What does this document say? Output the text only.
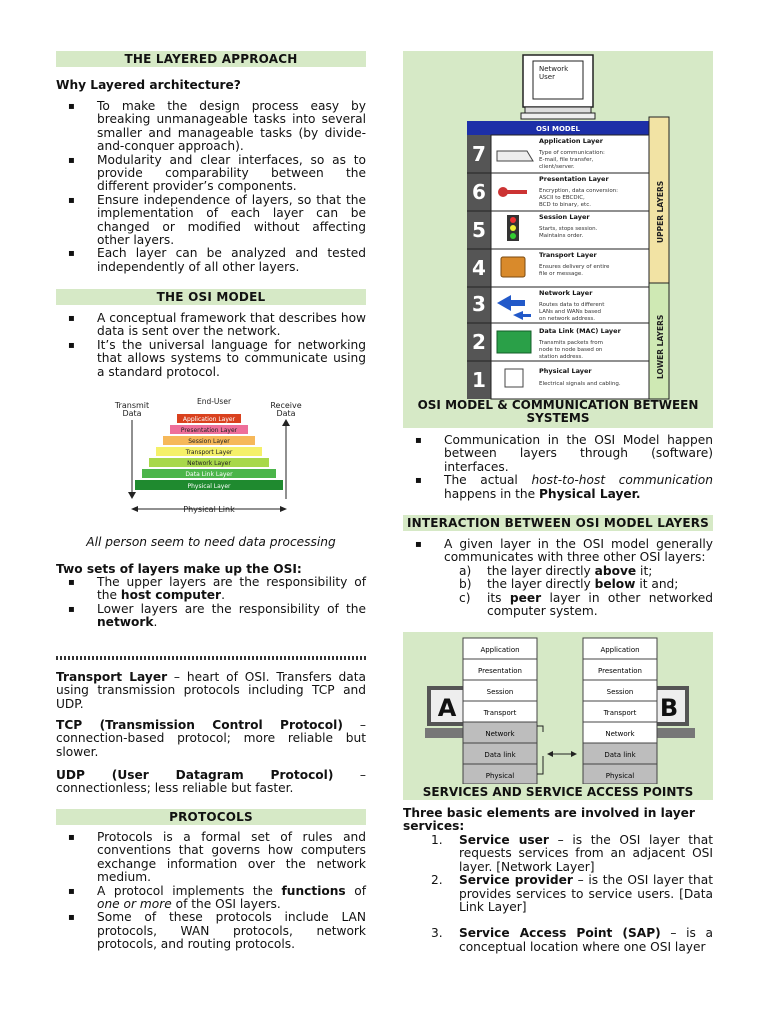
THE LAYERED APPROACH
Why Layered architecture?
▪ To make the design process easy by breaking unmanageable tasks into several smaller and manageable tasks (by divide-and-conquer approach).
▪ Modularity and clear interfaces, so as to provide comparability between the different provider’s components.
▪ Ensure independence of layers, so that the implementation of each layer can be changed or modified without affecting other layers.
▪ Each layer can be analyzed and tested independently of all other layers.
THE OSI MODEL
▪ A conceptual framework that describes how data is sent over the network.
▪ It’s the universal language for networking that allows systems to communicate using a standard protocol.
End-User
Transmit
Data
Receive
Data
Physical Link
Application Layer
Presentation Layer
Session Layer
Transport Layer
Network Layer
Data Link Layer
Physical Layer
All person seem to need data processing
Two sets of layers make up the OSI:
▪ The upper layers are the responsibility of the host computer.
▪ Lower layers are the responsibility of the network.
Transport Layer – heart of OSI. Transfers data using transmission protocols including TCP and UDP.
TCP (Transmission Control Protocol) – connection-based protocol; more reliable but slower.
UDP (User Datagram Protocol) – connectionless; less reliable but faster.
PROTOCOLS
▪ Protocols is a formal set of rules and conventions that governs how computers exchange information over the network medium.
▪ A protocol implements the functions of one or more of the OSI layers.
▪ Some of these protocols include LAN protocols, WAN protocols, network protocols, and routing protocols.
Network
User
OSI MODEL
UPPER LAYERS
LOWER LAYERS
7
Application Layer
Type of communication:
E-mail, file transfer,
client/server.
6
Presentation Layer
Encryption, data conversion:
ASCII to EBCDIC,
BCD to binary, etc.
5
Session Layer
Starts, stops session.
Maintains order.
4
Transport Layer
Ensures delivery of entire
file or message.
3	Network Layer
Routes data to different
LANs and WANs based
on network address.
2	Data Link (MAC) Layer
Transmits packets from
node to node based on
station address.
1	Physical Layer
Electrical signals and cabling.
OSI MODEL & COMMUNICATION BETWEEN SYSTEMS
▪ Communication in the OSI Model happen between layers through (software) interfaces.
▪ The actual host-to-host communication happens in the Physical Layer.
INTERACTION BETWEEN OSI MODEL LAYERS
▪ A given layer in the OSI model generally communicates with three other OSI layers:
a) the layer directly above it;
b) the layer directly below it and;
c) its peer layer in other networked computer system.
A	B
Application
Presentation
Session
Transport
Network
Data link
Physical
Application
Presentation
Session
Transport
Network
Data link
Physical
SERVICES AND SERVICE ACCESS POINTS
Three basic elements are involved in layer services:
1. Service user – is the OSI layer that requests services from an adjacent OSI layer. [Network Layer]
2. Service provider – is the OSI layer that provides services to service users. [Data Link Layer]
3. Service Access Point (SAP) – is a conceptual location where one OSI layer
